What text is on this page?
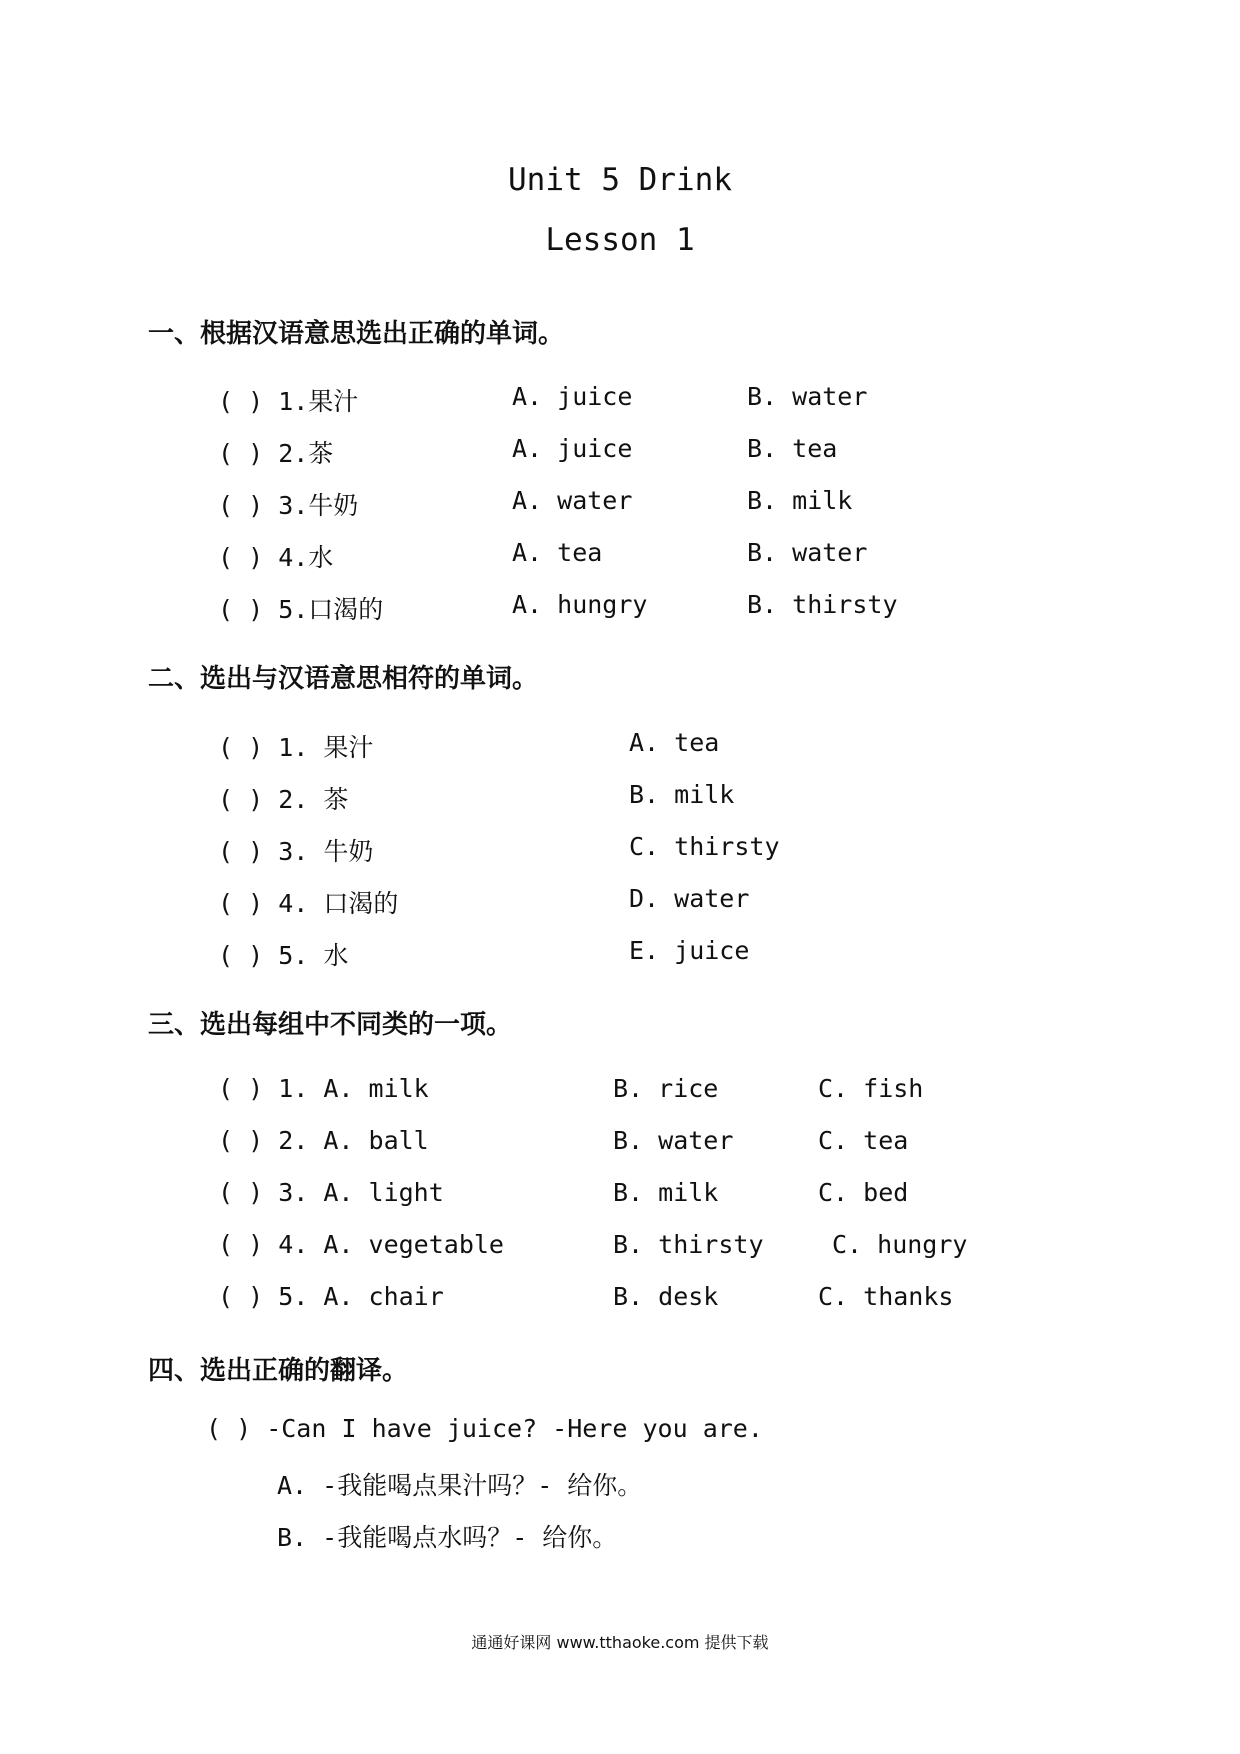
Unit 5 Drink
Lesson 1
一、根据汉语意思选出正确的单词。
( ) 1.果汁	A. juice	B. water
( ) 2.茶	A. juice	B. tea
( ) 3.牛奶	A. water	B. milk
( ) 4.水	A. tea	B. water
( ) 5.口渴的	A. hungry	B. thirsty
二、选出与汉语意思相符的单词。
( ) 1. 果汁	A. tea
( ) 2. 茶	B. milk
( ) 3. 牛奶	C. thirsty
( ) 4. 口渴的	D. water
( ) 5. 水	E. juice
三、选出每组中不同类的一项。
( ) 1. A. milk	B. rice	C. fish
( ) 2. A. ball	B. water	C. tea
( ) 3. A. light	B. milk	C. bed
( ) 4. A. vegetable	B. thirsty	C. hungry
( ) 5. A. chair	B. desk	C. thanks
四、选出正确的翻译。
( ) -Can I have juice? -Here you are.
A. -我能喝点果汁吗？- 给你。
B. -我能喝点水吗？- 给你。
通通好课网 www.tthaoke.com 提供下载
